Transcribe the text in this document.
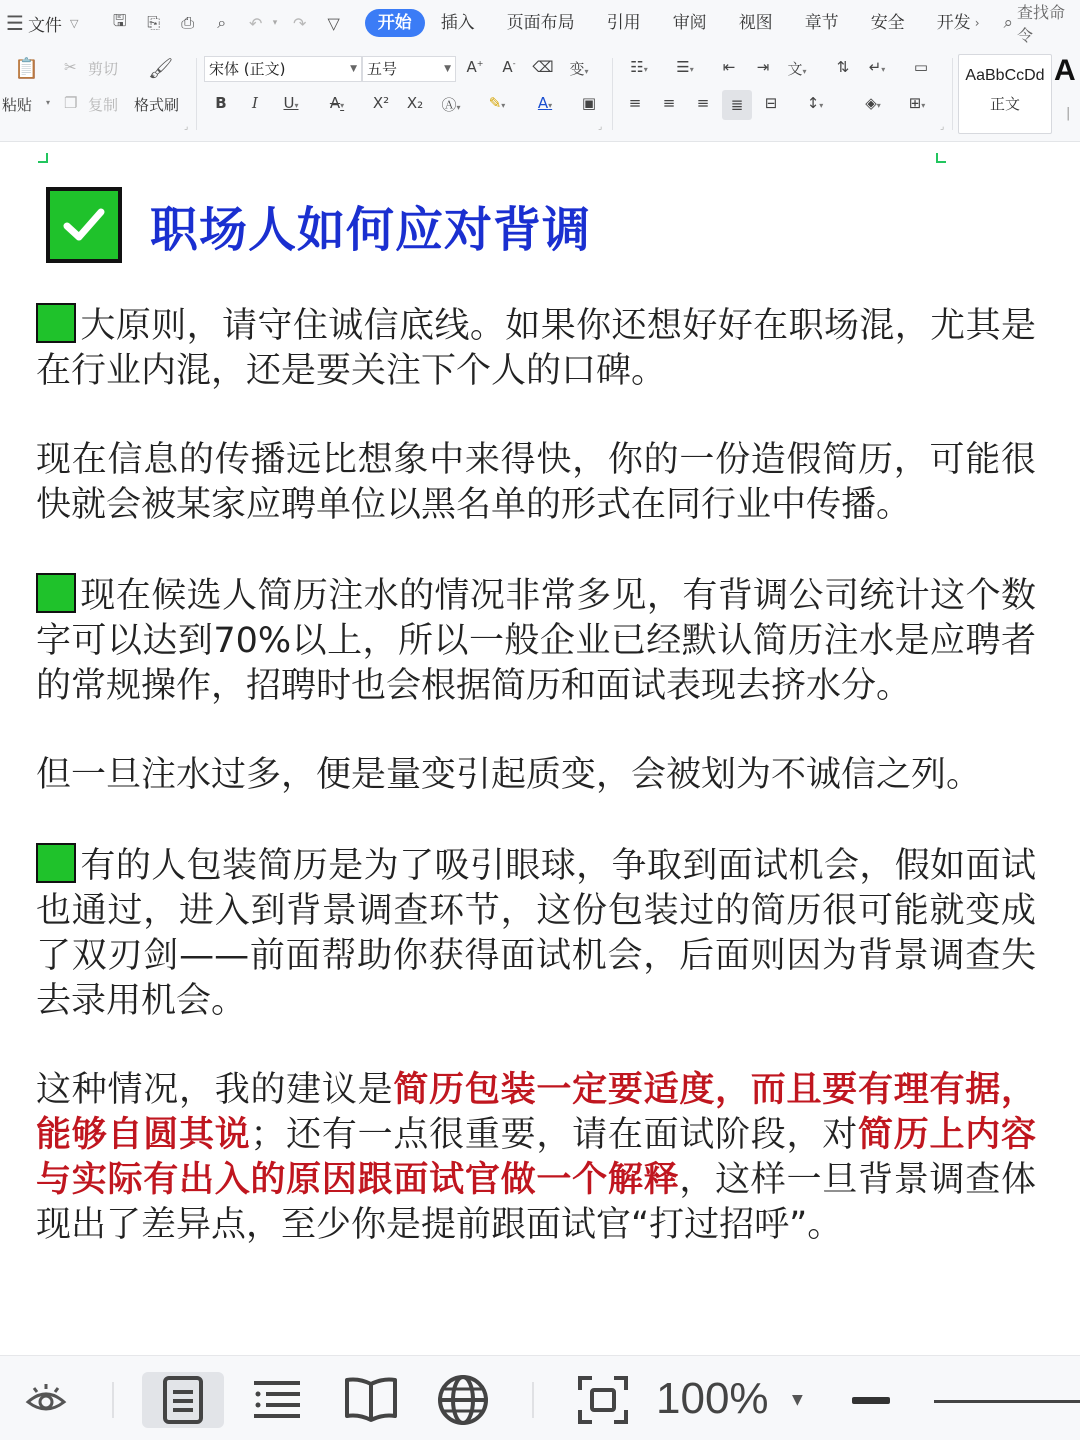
☰ 文件 ▽	🖫	⎘	⎙	⌕	↶	▾ ↷	▽	开始	插入	页面布局	引用	审阅	视图	章节	安全	开发 › ⌕
查找命令
📋
粘贴 ▾
✂ 剪切
❐ 复制
🖌
格式刷
⌟
宋体 (正文)	▼ 五号	▼	A+	A-	⌫	变▾
B	I	U▾	A▾	X²	X₂	Ⓐ▾	✎▾	A▾	▣
⌟
☷▾	☰▾	⇤	⇥	文▾	⇅	↵▾	▭
≡	≡	≡	≣	⊟	↕▾	◈▾	⊞▾
⌟
AaBbCcDd
正文
A
|
职场人如何应对背调
大原则，请守住诚信底线。如果你还想好好在职场混，尤其是在行业内混，还是要关注下个人的口碑。
现在信息的传播远比想象中来得快，你的一份造假简历，可能很快就会被某家应聘单位以黑名单的形式在同行业中传播。
现在候选人简历注水的情况非常多见，有背调公司统计这个数字可以达到70%以上，所以一般企业已经默认简历注水是应聘者的常规操作，招聘时也会根据简历和面试表现去挤水分。
但一旦注水过多，便是量变引起质变，会被划为不诚信之列。
有的人包装简历是为了吸引眼球，争取到面试机会，假如面试也通过，进入到背景调查环节，这份包装过的简历很可能就变成了双刃剑——前面帮助你获得面试机会，后面则因为背景调查失去录用机会。
这种情况，我的建议是简历包装一定要适度，而且要有理有据，能够自圆其说；还有一点很重要，请在面试阶段，对简历上内容与实际有出入的原因跟面试官做一个解释，这样一旦背景调查体现出了差异点，至少你是提前跟面试官“打过招呼”。
100% ▼
